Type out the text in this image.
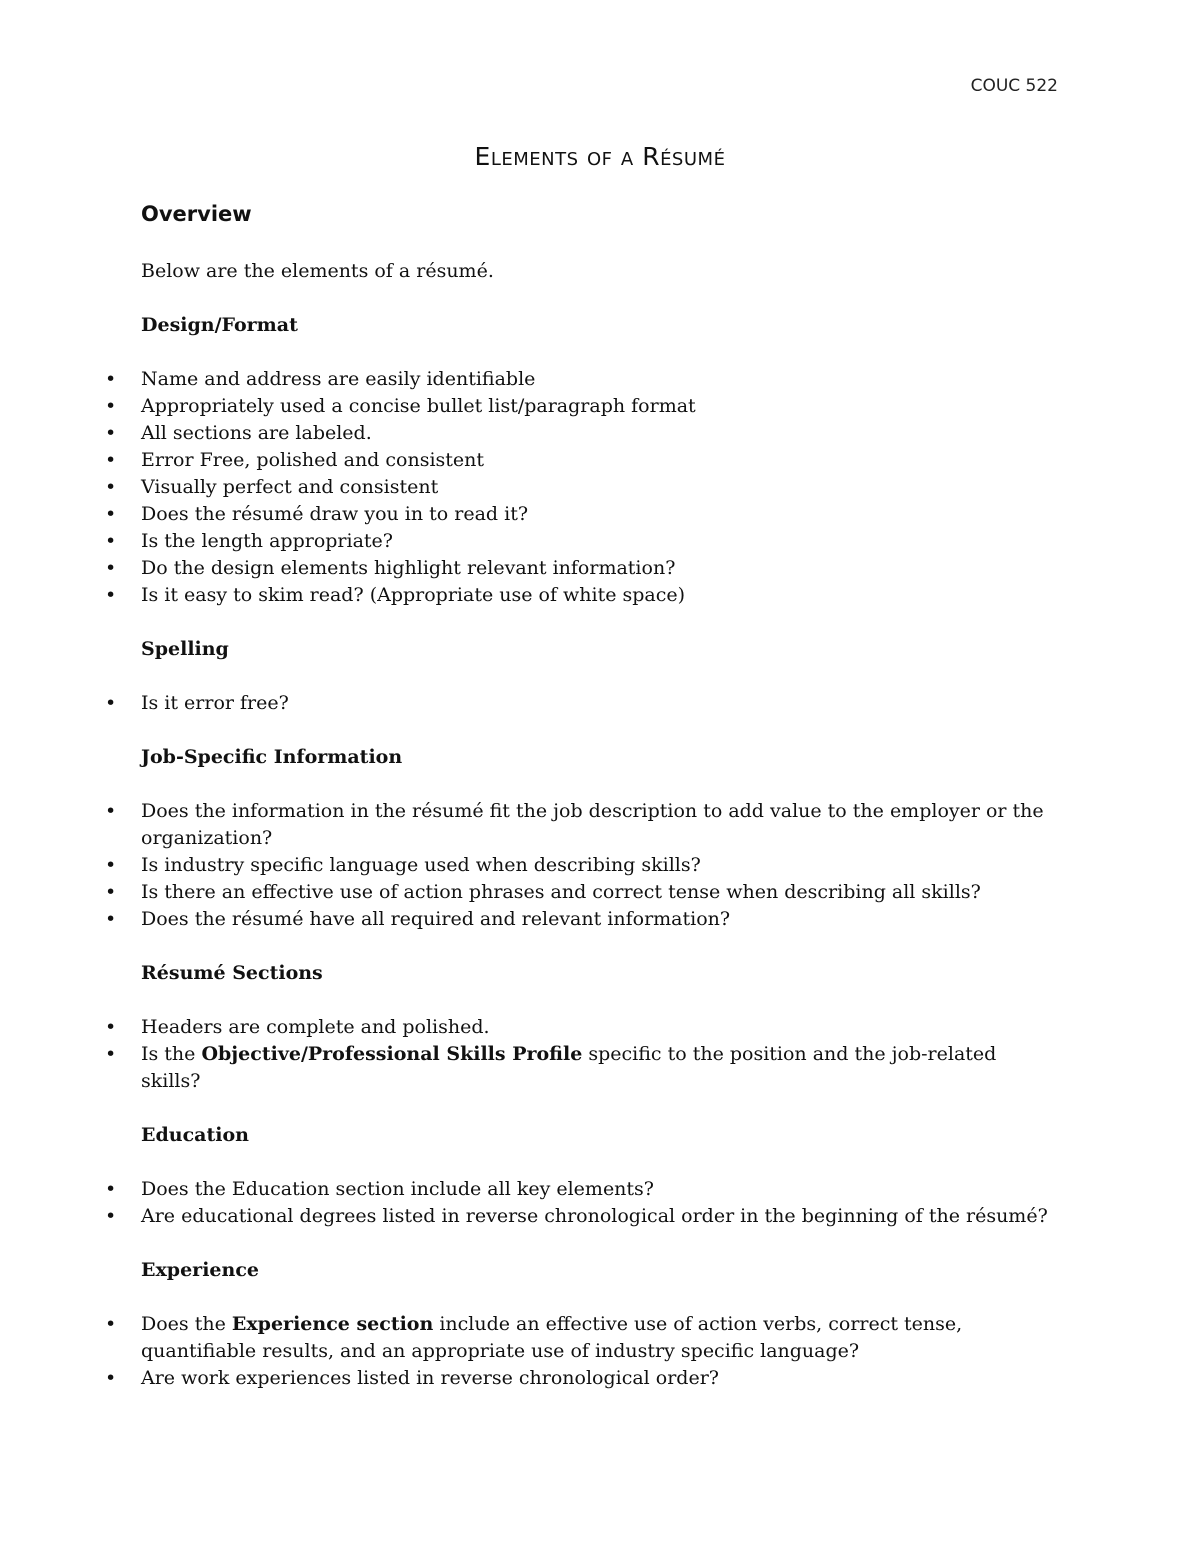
COUC 522
Elements of a Résumé
Overview

Below are the elements of a résumé.

Design/Format
• Name and address are easily identifiable
• Appropriately used a concise bullet list/paragraph format
• All sections are labeled.
• Error Free, polished and consistent
• Visually perfect and consistent
• Does the résumé draw you in to read it?
• Is the length appropriate?
• Do the design elements highlight relevant information?
• Is it easy to skim read? (Appropriate use of white space)
Spelling
• Is it error free?
Job-Specific Information
• Does the information in the résumé fit the job description to add value to the employer or the organization?
• Is industry specific language used when describing skills?
• Is there an effective use of action phrases and correct tense when describing all skills?
• Does the résumé have all required and relevant information?
Résumé Sections
• Headers are complete and polished.
• Is the Objective/Professional Skills Profile specific to the position and the job-related skills?
Education
• Does the Education section include all key elements?
• Are educational degrees listed in reverse chronological order in the beginning of the résumé?
Experience
• Does the Experience section include an effective use of action verbs, correct tense, quantifiable results, and an appropriate use of industry specific language?
• Are work experiences listed in reverse chronological order?
